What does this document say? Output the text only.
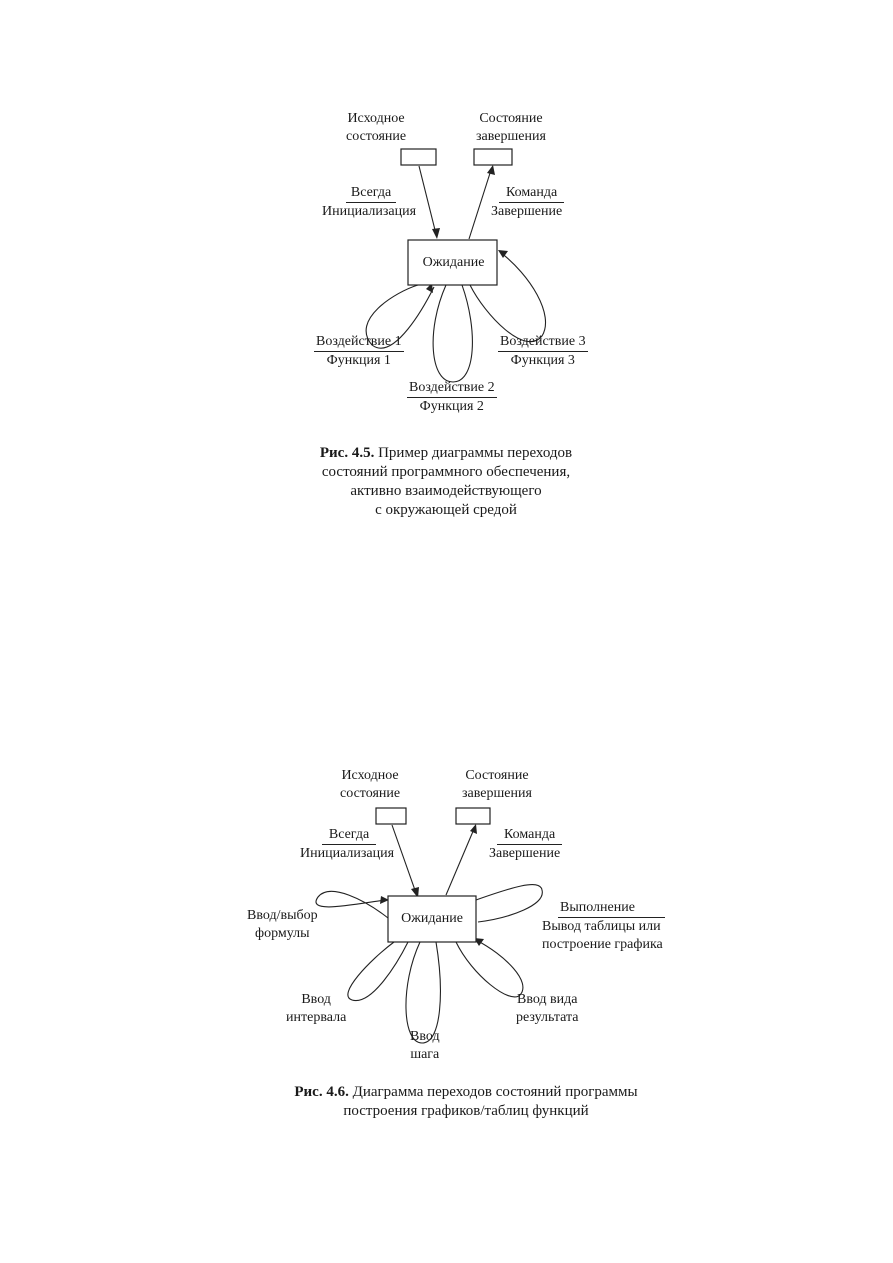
Исходное
состояние
Состояние
завершения
Ожидание
Всегда
Инициализация
Команда
Завершение
Воздействие 1
Функция 1
Воздействие 2
Функция 2
Воздействие 3
Функция 3
Рис. 4.5. Пример диаграммы переходов
состояний программного обеспечения,
активно взаимодействующего
с окружающей средой
Исходное
состояние
Состояние
завершения
Ожидание
Всегда
Инициализация
Команда
Завершение
Ввод/выбор
формулы
Ввод
интервала
Ввод
шага
Ввод вида
результата
Выполнение
Вывод таблицы или
построение графика
Рис. 4.6. Диаграмма переходов состояний программы
построения графиков/таблиц функций
